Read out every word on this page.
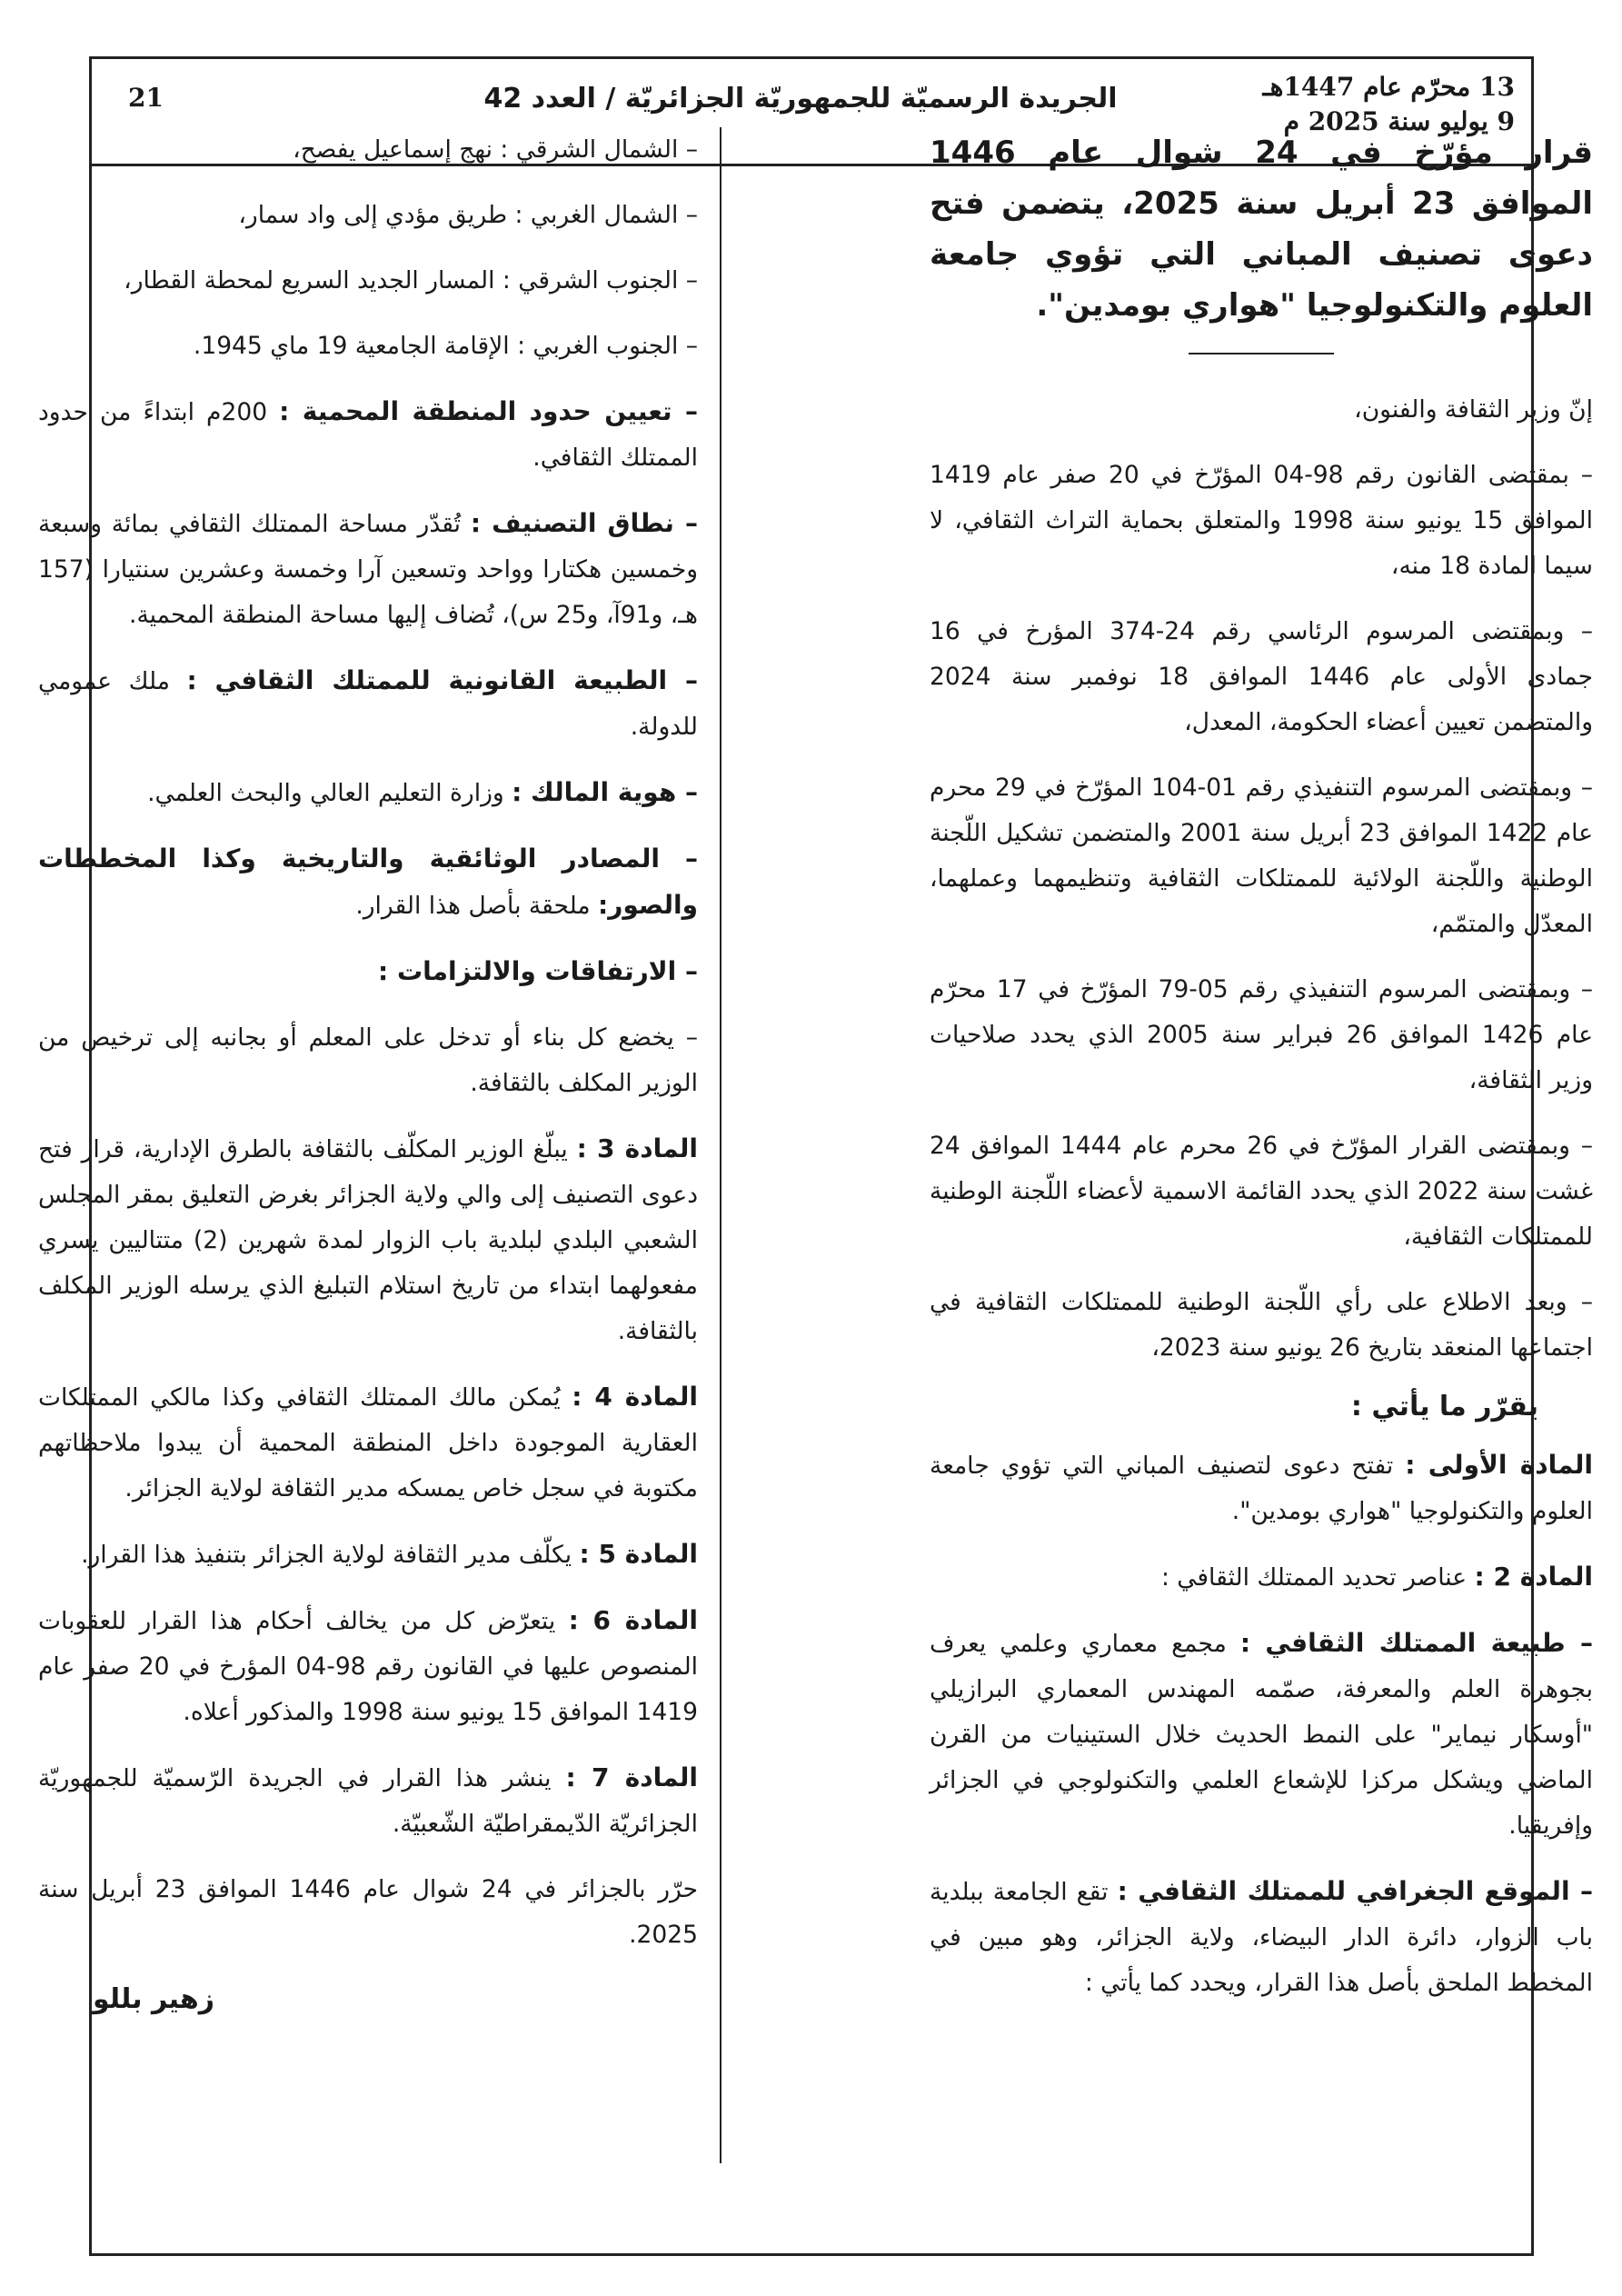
13 محرّم عام 1447هـ
9 يوليو سنة 2025 م
الجريدة الرسميّة للجمهوريّة الجزائريّة / العدد 42
21
قرار مؤرّخ في 24 شوال عام 1446 الموافق 23 أبريل سنة 2025، يتضمن فتح دعوى تصنيف المباني التي تؤوي جامعة العلوم والتكنولوجيا "هواري بومدين".

إنّ وزير الثقافة والفنون،

– بمقتضى القانون رقم 98-04 المؤرّخ في 20 صفر عام 1419 الموافق 15 يونيو سنة 1998 والمتعلق بحماية التراث الثقافي، لا سيما المادة 18 منه،

– وبمقتضى المرسوم الرئاسي رقم 24-374 المؤرخ في 16 جمادى الأولى عام 1446 الموافق 18 نوفمبر سنة 2024 والمتضمن تعيين أعضاء الحكومة، المعدل،

– وبمقتضى المرسوم التنفيذي رقم 01-104 المؤرّخ في 29 محرم عام 1422 الموافق 23 أبريل سنة 2001 والمتضمن تشكيل اللّجنة الوطنية واللّجنة الولائية للممتلكات الثقافية وتنظيمهما وعملهما، المعدّل والمتمّم،

– وبمقتضى المرسوم التنفيذي رقم 05-79 المؤرّخ في 17 محرّم عام 1426 الموافق 26 فبراير سنة 2005 الذي يحدد صلاحيات وزير الثقافة،

– وبمقتضى القرار المؤرّخ في 26 محرم عام 1444 الموافق 24 غشت سنة 2022 الذي يحدد القائمة الاسمية لأعضاء اللّجنة الوطنية للممتلكات الثقافية،

– وبعد الاطلاع على رأي اللّجنة الوطنية للممتلكات الثقافية في اجتماعها المنعقد بتاريخ 26 يونيو سنة 2023،

يقرّر ما يأتي :

المادة الأولى : تفتح دعوى لتصنيف المباني التي تؤوي جامعة العلوم والتكنولوجيا "هواري بومدين".

المادة 2 : عناصر تحديد الممتلك الثقافي :

– طبيعة الممتلك الثقافي : مجمع معماري وعلمي يعرف بجوهرة العلم والمعرفة، صمّمه المهندس المعماري البرازيلي "أوسكار نيماير" على النمط الحديث خلال الستينيات من القرن الماضي ويشكل مركزا للإشعاع العلمي والتكنولوجي في الجزائر وإفريقيا.

– الموقع الجغرافي للممتلك الثقافي : تقع الجامعة ببلدية باب الزوار، دائرة الدار البيضاء، ولاية الجزائر، وهو مبين في المخطط الملحق بأصل هذا القرار، ويحدد كما يأتي :

– الشمال الشرقي : نهج إسماعيل يفصح،
– الشمال الغربي : طريق مؤدي إلى واد سمار،
– الجنوب الشرقي : المسار الجديد السريع لمحطة القطار،
– الجنوب الغربي : الإقامة الجامعية 19 ماي 1945.

– تعيين حدود المنطقة المحمية : 200م ابتداءً من حدود الممتلك الثقافي.

– نطاق التصنيف : تُقدّر مساحة الممتلك الثقافي بمائة وسبعة وخمسين هكتارا وواحد وتسعين آرا وخمسة وعشرين سنتيارا (157 هـ، و91آ، و25 س)، تُضاف إليها مساحة المنطقة المحمية.

– الطبيعة القانونية للممتلك الثقافي : ملك عمومي للدولة.

– هوية المالك : وزارة التعليم العالي والبحث العلمي.

– المصادر الوثائقية والتاريخية وكذا المخططات والصور: ملحقة بأصل هذا القرار.

– الارتفاقات والالتزامات :

– يخضع كل بناء أو تدخل على المعلم أو بجانبه إلى ترخيص من الوزير المكلف بالثقافة.

المادة 3 : يبلّغ الوزير المكلّف بالثقافة بالطرق الإدارية، قرار فتح دعوى التصنيف إلى والي ولاية الجزائر بغرض التعليق بمقر المجلس الشعبي البلدي لبلدية باب الزوار لمدة شهرين (2) متتاليين يسري مفعولهما ابتداء من تاريخ استلام التبليغ الذي يرسله الوزير المكلف بالثقافة.

المادة 4 : يُمكن مالك الممتلك الثقافي وكذا مالكي الممتلكات العقارية الموجودة داخل المنطقة المحمية أن يبدوا ملاحظاتهم مكتوبة في سجل خاص يمسكه مدير الثقافة لولاية الجزائر.

المادة 5 : يكلّف مدير الثقافة لولاية الجزائر بتنفيذ هذا القرار.

المادة 6 : يتعرّض كل من يخالف أحكام هذا القرار للعقوبات المنصوص عليها في القانون رقم 98-04 المؤرخ في 20 صفر عام 1419 الموافق 15 يونيو سنة 1998 والمذكور أعلاه.

المادة 7 : ينشر هذا القرار في الجريدة الرّسميّة للجمهوريّة الجزائريّة الدّيمقراطيّة الشّعبيّة.

حرّر بالجزائر في 24 شوال عام 1446 الموافق 23 أبريل سنة 2025.

زهير بللو
